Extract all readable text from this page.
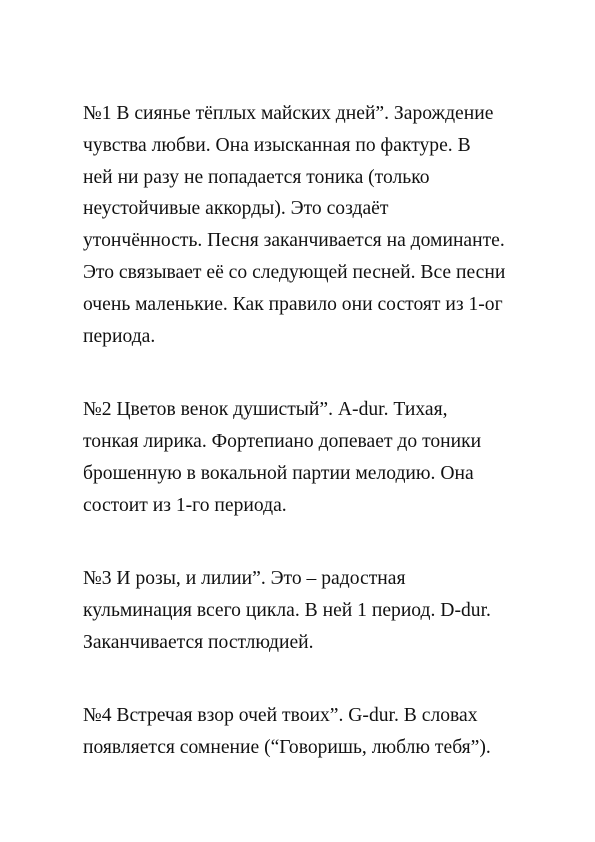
№1 В сиянье тёплых майских дней”. Зарождение

чувства любви. Она изысканная по фактуре. В

ней ни разу не попадается тоника (только

неустойчивые аккорды). Это создаёт

утончённость. Песня заканчивается на доминанте.

Это связывает её со следующей песней. Все песни

очень маленькие. Как правило они состоят из 1-ог

периода.

№2 Цветов венок душистый”. A-dur. Тихая,

тонкая лирика. Фортепиано допевает до тоники

брошенную в вокальной партии мелодию. Она

состоит из 1-го периода.

№3 И розы, и лилии”. Это – радостная

кульминация всего цикла. В ней 1 период. D-dur.

Заканчивается постлюдией.

№4 Встречая взор очей твоих”. G-dur. В словах

появляется сомнение (“Говоришь, люблю тебя”).
